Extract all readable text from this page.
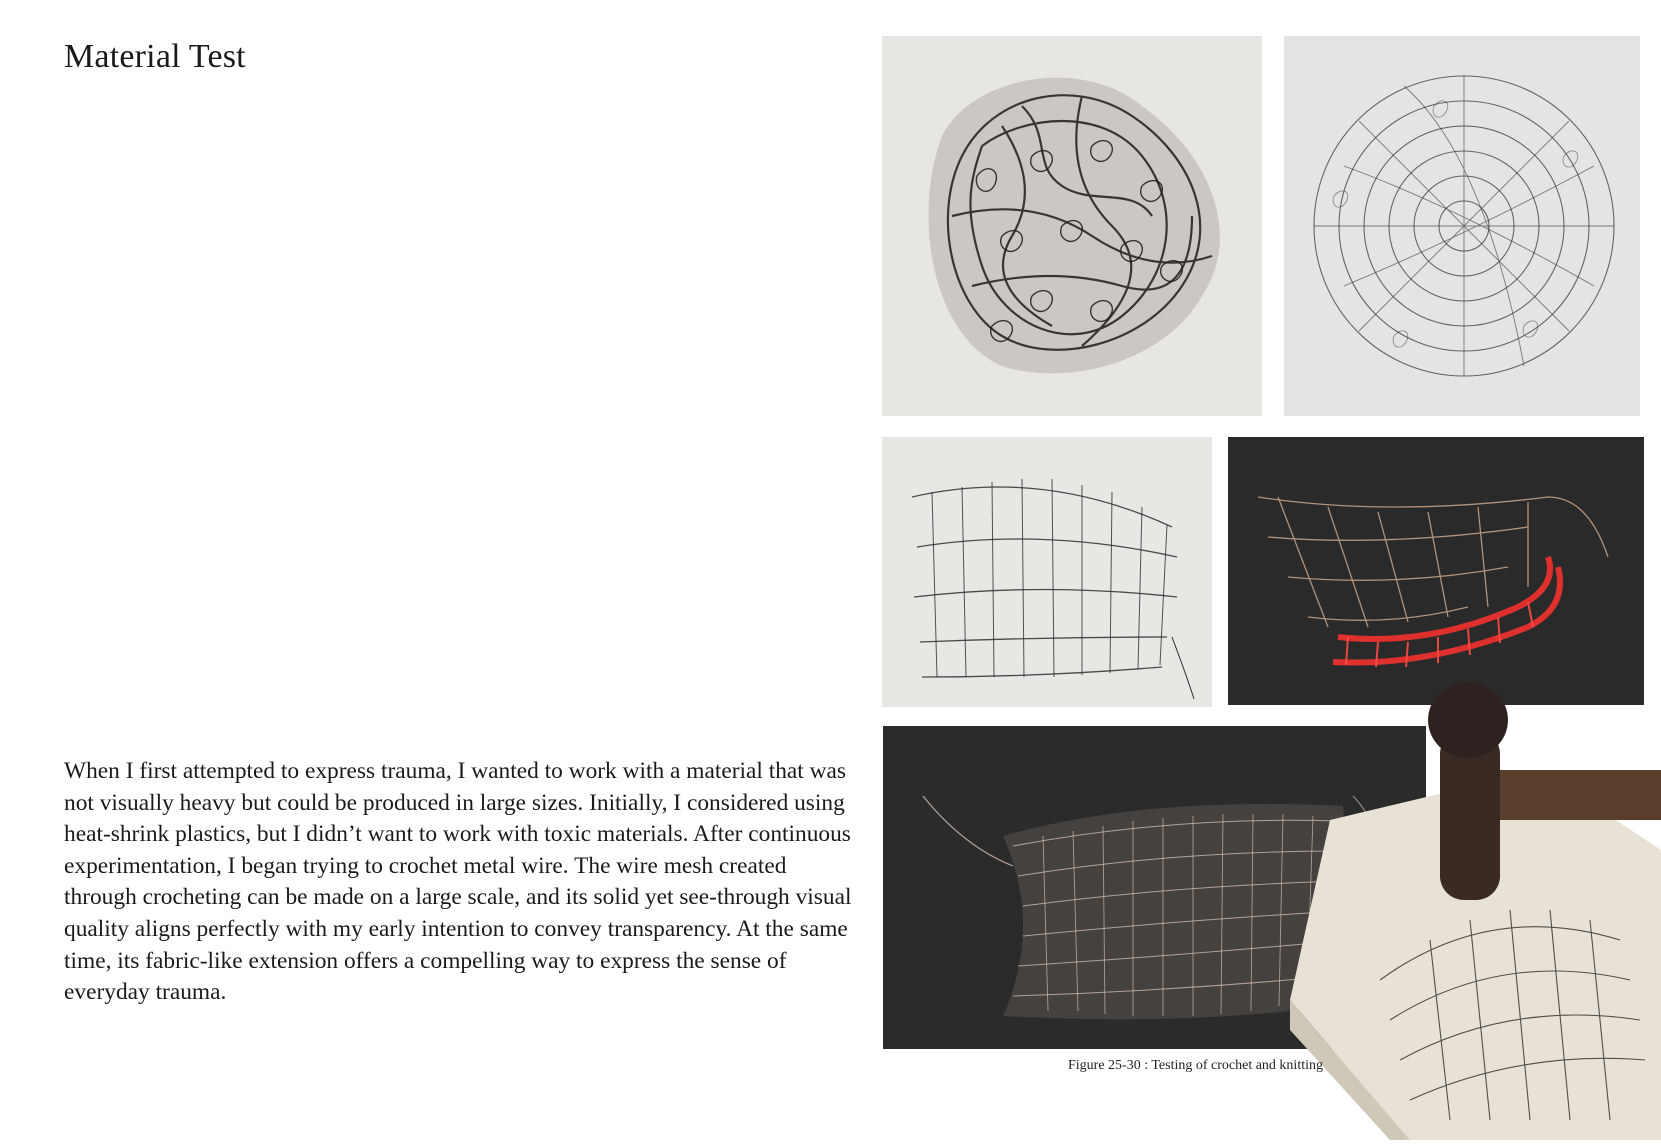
Material Test

When I first attempted to express trauma, I wanted to work with a material that was not visually heavy but could be produced in large sizes. Initially, I considered using heat-shrink plastics, but I didn’t want to work with toxic materials. After continuous experimentation, I began trying to crochet metal wire. The wire mesh created through crocheting can be made on a large scale, and its solid yet see-through visual quality aligns perfectly with my early intention to convey transparency. At the same time, its fabric-like extension offers a compelling way to express the sense of everyday trauma.

Figure 25-30 : Testing of crochet and knitting
